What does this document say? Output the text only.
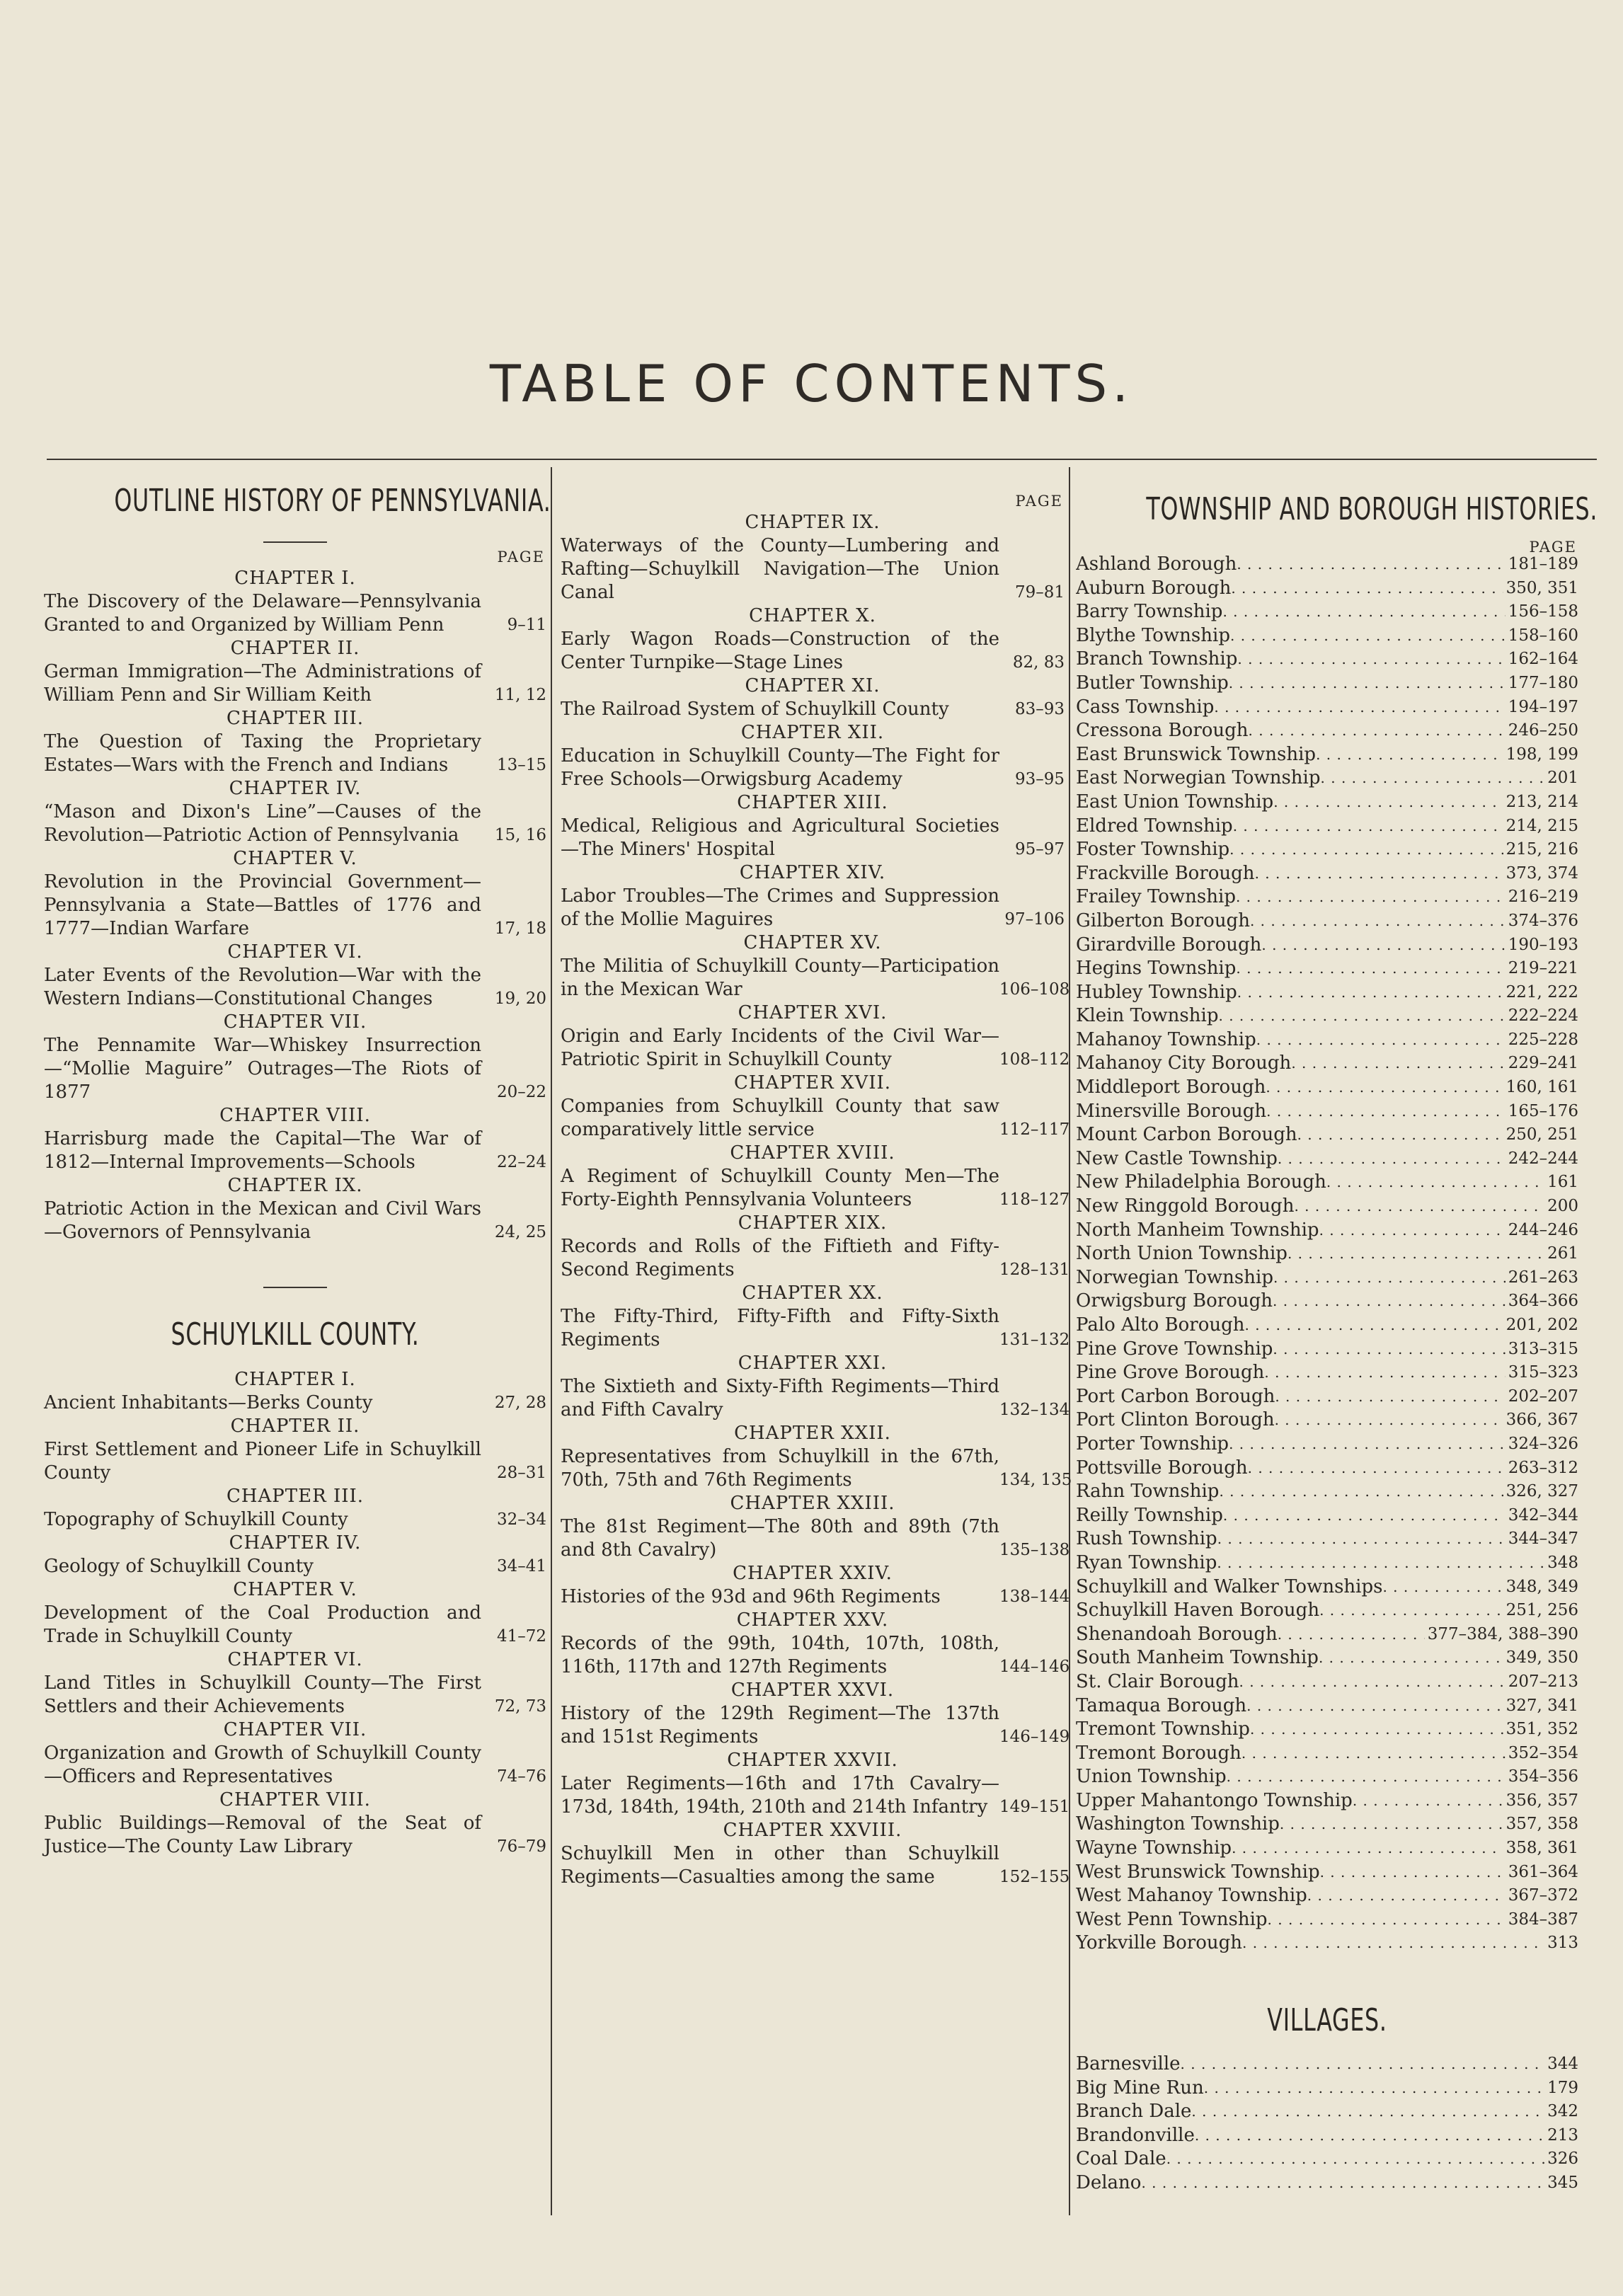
TABLE OF CONTENTS.
OUTLINE HISTORY OF PENNSYLVANIA.
PAGE
CHAPTER I.
The Discovery of the Delaware—Pennsylvania Granted to and Organized by William Penn	9–11
CHAPTER II.
German Immigration—The Administrations of William Penn and Sir William Keith	11, 12
CHAPTER III.
The Question of Taxing the Proprietary Estates—Wars with the French and Indians	13–15
CHAPTER IV.
“Mason and Dixon's Line”—Causes of the Revolution—Patriotic Action of Pennsylvania	15, 16
CHAPTER V.
Revolution in the Provincial Government—Pennsylvania a State—Battles of 1776 and 1777—Indian Warfare	17, 18
CHAPTER VI.
Later Events of the Revolution—War with the Western Indians—Constitutional Changes	19, 20
CHAPTER VII.
The Pennamite War—Whiskey Insurrection—“Mollie Maguire” Outrages—The Riots of 1877	20–22
CHAPTER VIII.
Harrisburg made the Capital—The War of 1812—Internal Improvements—Schools	22–24
CHAPTER IX.
Patriotic Action in the Mexican and Civil Wars—Governors of Pennsylvania	24, 25
SCHUYLKILL COUNTY.
CHAPTER I.
Ancient Inhabitants—Berks County	27, 28
CHAPTER II.
First Settlement and Pioneer Life in Schuylkill County	28–31
CHAPTER III.
Topography of Schuylkill County	32–34
CHAPTER IV.
Geology of Schuylkill County	34–41
CHAPTER V.
Development of the Coal Production and Trade in Schuylkill County	41–72
CHAPTER VI.
Land Titles in Schuylkill County—The First Settlers and their Achievements	72, 73
CHAPTER VII.
Organization and Growth of Schuylkill County—Officers and Representatives	74–76
CHAPTER VIII.
Public Buildings—Removal of the Seat of Justice—The County Law Library	76–79
PAGE
CHAPTER IX.
Waterways of the County—Lumbering and Rafting—Schuylkill Navigation—The Union Canal	79–81
CHAPTER X.
Early Wagon Roads—Construction of the Center Turnpike—Stage Lines	82, 83
CHAPTER XI.
The Railroad System of Schuylkill County	83–93
CHAPTER XII.
Education in Schuylkill County—The Fight for Free Schools—Orwigsburg Academy	93–95
CHAPTER XIII.
Medical, Religious and Agricultural Societies—The Miners' Hospital	95–97
CHAPTER XIV.
Labor Troubles—The Crimes and Suppression of the Mollie Maguires	97–106
CHAPTER XV.
The Militia of Schuylkill County—Participation in the Mexican War	106–108
CHAPTER XVI.
Origin and Early Incidents of the Civil War—Patriotic Spirit in Schuylkill County	108–112
CHAPTER XVII.
Companies from Schuylkill County that saw comparatively little service	112–117
CHAPTER XVIII.
A Regiment of Schuylkill County Men—The Forty-Eighth Pennsylvania Volunteers	118–127
CHAPTER XIX.
Records and Rolls of the Fiftieth and Fifty-Second Regiments	128–131
CHAPTER XX.
The Fifty-Third, Fifty-Fifth and Fifty-Sixth Regiments	131–132
CHAPTER XXI.
The Sixtieth and Sixty-Fifth Regiments—Third and Fifth Cavalry	132–134
CHAPTER XXII.
Representatives from Schuylkill in the 67th, 70th, 75th and 76th Regiments	134, 135
CHAPTER XXIII.
The 81st Regiment—The 80th and 89th (7th and 8th Cavalry)	135–138
CHAPTER XXIV.
Histories of the 93d and 96th Regiments	138–144
CHAPTER XXV.
Records of the 99th, 104th, 107th, 108th, 116th, 117th and 127th Regiments	144–146
CHAPTER XXVI.
History of the 129th Regiment—The 137th and 151st Regiments	146–149
CHAPTER XXVII.
Later Regiments—16th and 17th Cavalry—173d, 184th, 194th, 210th and 214th Infantry 149–151
CHAPTER XXVIII.
Schuylkill Men in other than Schuylkill Regiments—Casualties among the same	152–155
TOWNSHIP AND BOROUGH HISTORIES.
PAGE
Ashland Borough . . .	181–189
Auburn Borough . . .	350, 351
Barry Township . . .	156–158
Blythe Township . . .	158–160
Branch Township . . .	162–164
Butler Township . . .	177–180
Cass Township . . .	194–197
Cressona Borough . . .	246–250
East Brunswick Township . . .	198, 199
East Norwegian Township . . .	201
East Union Township . . .	213, 214
Eldred Township . . .	214, 215
Foster Township . . .	215, 216
Frackville Borough . . .	373, 374
Frailey Township . . .	216–219
Gilberton Borough . . .	374–376
Girardville Borough . . .	190–193
Hegins Township . . .	219–221
Hubley Township . . .	221, 222
Klein Township . . .	222–224
Mahanoy Township . . .	225–228
Mahanoy City Borough . . .	229–241
Middleport Borough . . .	160, 161
Minersville Borough . . .	165–176
Mount Carbon Borough . . .	250, 251
New Castle Township . . .	242–244
New Philadelphia Borough . . .	161
New Ringgold Borough . . .	200
North Manheim Township . . .	244–246
North Union Township . . .	261
Norwegian Township . . .	261–263
Orwigsburg Borough . . .	364–366
Palo Alto Borough . . .	201, 202
Pine Grove Township . . .	313–315
Pine Grove Borough . . .	315–323
Port Carbon Borough . . .	202–207
Port Clinton Borough . . .	366, 367
Porter Township . . .	324–326
Pottsville Borough . . .	263–312
Rahn Township . . .	326, 327
Reilly Township . . .	342–344
Rush Township . . .	344–347
Ryan Township . . .	348
Schuylkill and Walker Townships . . .	348, 349
Schuylkill Haven Borough . . .	251, 256
Shenandoah Borough . . .	377–384, 388–390
South Manheim Township . . .	349, 350
St. Clair Borough . . .	207–213
Tamaqua Borough . . .	327, 341
Tremont Township . . .	351, 352
Tremont Borough . . .	352–354
Union Township . . .	354–356
Upper Mahantongo Township . . .	356, 357
Washington Township . . .	357, 358
Wayne Township . . .	358, 361
West Brunswick Township . . .	361–364
West Mahanoy Township . . .	367–372
West Penn Township . . .	384–387
Yorkville Borough . . .	313
VILLAGES.
Barnesville . . .	344
Big Mine Run . . .	179
Branch Dale . . .	342
Brandonville . . .	213
Coal Dale . . .	326
Delano . . .	345
